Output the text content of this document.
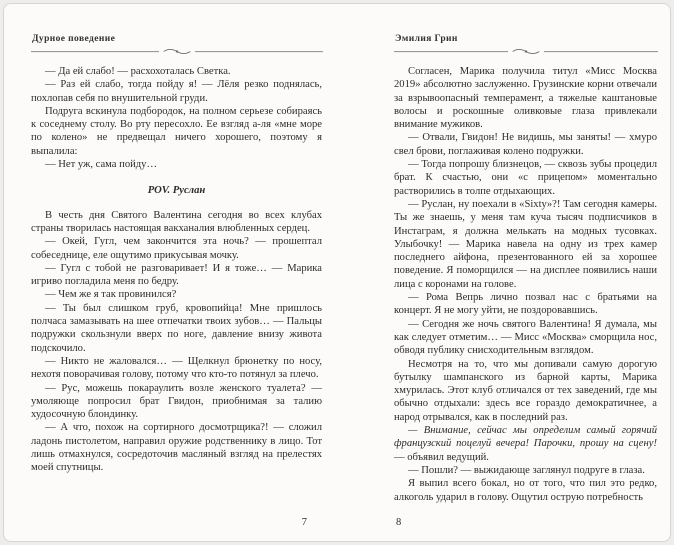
Дурное поведение

— Да ей слабо! — расхохоталась Светка.

— Раз ей слабо, тогда пойду я! — Лёля резко поднялась, похлопав себя по внушительной груди.

Подруга вскинула подбородок, на полном серьезе собираясь к соседнему столу. Во рту пересохло. Ее взгляд а-ля «мне море по колено» не предвещал ничего хорошего, поэтому я выпалила:

— Нет уж, сама пойду…

POV. Руслан

В честь дня Святого Валентина сегодня во всех клубах страны творилась настоящая вакханалия влюбленных сердец.

— Окей, Гугл, чем закончится эта ночь? — прошептал собеседнице, еле ощутимо прикусывая мочку.

— Гугл с тобой не разговаривает! И я тоже… — Марика игриво погладила меня по бедру.

— Чем же я так провинился?

— Ты был слишком груб, кровопийца! Мне пришлось полчаса замазывать на шее отпечатки твоих зубов… — Пальцы подружки скользнули вверх по ноге, давление внизу живота подскочило.

— Никто не жаловался… — Щелкнул брюнетку по носу, нехотя поворачивая голову, потому что кто-то потянул за плечо.

— Рус, можешь покараулить возле женского туалета? — умоляюще попросил брат Гвидон, приобнимая за талию худосочную блондинку.

— А что, похож на сортирного досмотрщика?! — сложил ладонь пистолетом, направил оружие родственнику в лицо. Тот лишь отмахнулся, сосредоточив масляный взгляд на прелестях моей спутницы.

7
Эмилия Грин

Согласен, Марика получила титул «Мисс Москва 2019» абсолютно заслуженно. Грузинские корни отвечали за взрывоопасный темперамент, а тяжелые каштановые волосы и роскошные оливковые глаза привлекали внимание мужиков.

— Отвали, Гвидон! Не видишь, мы заняты! — хмуро свел брови, поглаживая колено подружки.

— Тогда попрошу близнецов, — сквозь зубы процедил брат. К счастью, они «с прицепом» моментально растворились в толпе отдыхающих.

— Руслан, ну поехали в «Sixty»?! Там сегодня камеры. Ты же знаешь, у меня там куча тысяч подписчиков в Инстаграм, я должна мелькать на модных тусовках. Улыбочку! — Марика навела на одну из трех камер последнего айфона, презентованного ей за хорошее поведение. Я поморщился — на дисплее появились наши лица с коронами на голове.

— Рома Вепрь лично позвал нас с братьями на концерт. Я не могу уйти, не поздоровавшись.

— Сегодня же ночь святого Валентина! Я думала, мы как следует отметим… — Мисс «Москва» сморщила нос, обводя публику снисходительным взглядом.

Несмотря на то, что мы допивали самую дорогую бутылку шампанского из барной карты, Марика хмурилась. Этот клуб отличался от тех заведений, где мы обычно отдыхали: здесь все гораздо демократичнее, а народ отрывался, как в последний раз.

— Внимание, сейчас мы определим самый горячий французский поцелуй вечера! Парочки, прошу на сцену! — объявил ведущий.

— Пошли? — выжидающе заглянул подруге в глаза.

Я выпил всего бокал, но от того, что пил это редко, алкоголь ударил в голову. Ощутил острую потребность

8
